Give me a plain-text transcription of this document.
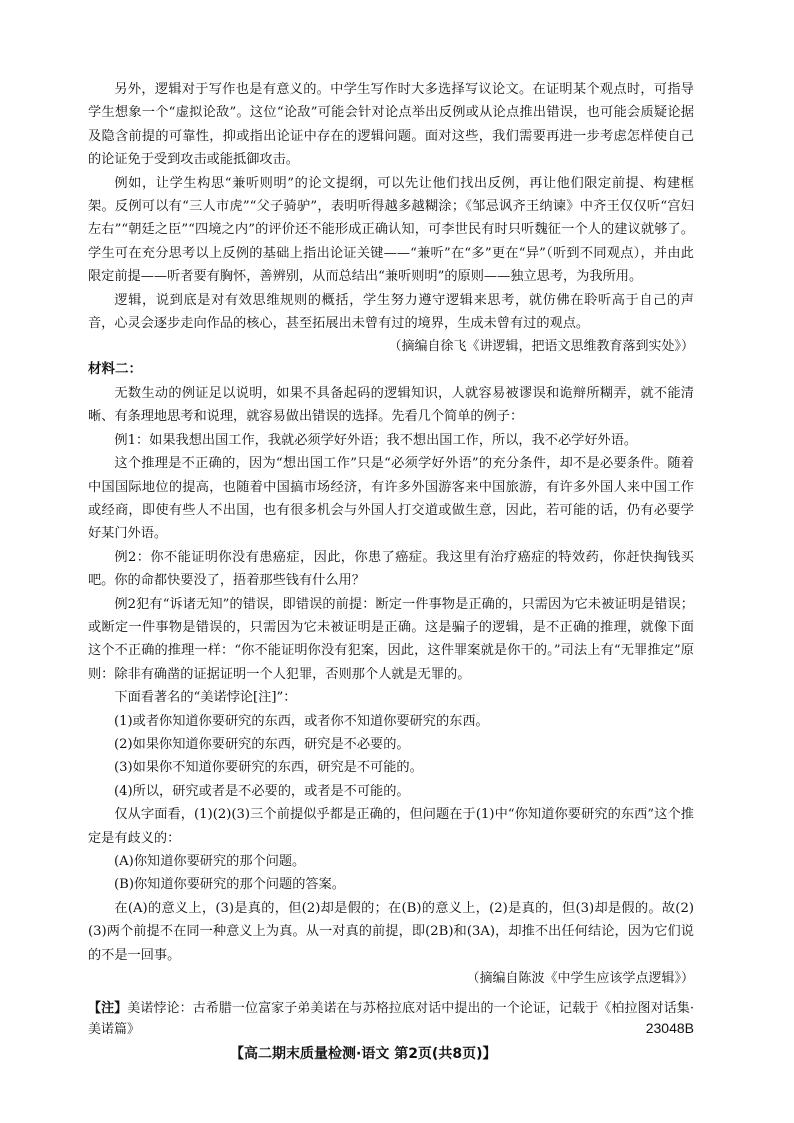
另外，逻辑对于写作也是有意义的。中学生写作时大多选择写议论文。在证明某个观点时，可指导学生想象一个“虚拟论敌”。这位“论敌”可能会针对论点举出反例或从论点推出错误，也可能会质疑论据及隐含前提的可靠性，抑或指出论证中存在的逻辑问题。面对这些，我们需要再进一步考虑怎样使自己的论证免于受到攻击或能抵御攻击。

例如，让学生构思“兼听则明”的论文提纲，可以先让他们找出反例，再让他们限定前提、构建框架。反例可以有“三人市虎”“父子骑驴”，表明听得越多越糊涂；《邹忌讽齐王纳谏》中齐王仅仅听“宫妇左右”“朝廷之臣”“四境之内”的评价还不能形成正确认知，可李世民有时只听魏征一个人的建议就够了。学生可在充分思考以上反例的基础上指出论证关键——“兼听”在“多”更在“异”（听到不同观点），并由此限定前提——听者要有胸怀，善辨别，从而总结出“兼听则明”的原则——独立思考，为我所用。

逻辑，说到底是对有效思维规则的概括，学生努力遵守逻辑来思考，就仿佛在聆听高于自己的声音，心灵会逐步走向作品的核心，甚至拓展出未曾有过的境界，生成未曾有过的观点。

（摘编自徐飞《讲逻辑，把语文思维教育落到实处》）

材料二：

无数生动的例证足以说明，如果不具备起码的逻辑知识，人就容易被谬误和诡辩所糊弄，就不能清晰、有条理地思考和说理，就容易做出错误的选择。先看几个简单的例子：

例1：如果我想出国工作，我就必须学好外语；我不想出国工作，所以，我不必学好外语。

这个推理是不正确的，因为“想出国工作”只是“必须学好外语”的充分条件，却不是必要条件。随着中国国际地位的提高，也随着中国搞市场经济，有许多外国游客来中国旅游，有许多外国人来中国工作或经商，即使有些人不出国，也有很多机会与外国人打交道或做生意，因此，若可能的话，仍有必要学好某门外语。

例2：你不能证明你没有患癌症，因此，你患了癌症。我这里有治疗癌症的特效药，你赶快掏钱买吧。你的命都快要没了，捂着那些钱有什么用？

例2犯有“诉诸无知”的错误，即错误的前提：断定一件事物是正确的，只需因为它未被证明是错误；或断定一件事物是错误的，只需因为它未被证明是正确。这是骗子的逻辑，是不正确的推理，就像下面这个不正确的推理一样：“你不能证明你没有犯案，因此，这件罪案就是你干的。”司法上有“无罪推定”原则：除非有确凿的证据证明一个人犯罪，否则那个人就是无罪的。

下面看著名的“美诺悖论[注]”：

(1)或者你知道你要研究的东西，或者你不知道你要研究的东西。

(2)如果你知道你要研究的东西，研究是不必要的。

(3)如果你不知道你要研究的东西，研究是不可能的。

(4)所以，研究或者是不必要的，或者是不可能的。

仅从字面看，(1)(2)(3)三个前提似乎都是正确的，但问题在于(1)中“你知道你要研究的东西”这个推定是有歧义的：

(A)你知道你要研究的那个问题。

(B)你知道你要研究的那个问题的答案。

在(A)的意义上，(3)是真的，但(2)却是假的；在(B)的意义上，(2)是真的，但(3)却是假的。故(2)(3)两个前提不在同一种意义上为真。从一对真的前提，即(2B)和(3A)，却推不出任何结论，因为它们说的不是一回事。

（摘编自陈波《中学生应该学点逻辑》）

【注】美诺悖论：古希腊一位富家子弟美诺在与苏格拉底对话中提出的一个论证，记载于《柏拉图对话集·美诺篇》	23048B
【高二期末质量检测·语文 第2页(共8页)】
